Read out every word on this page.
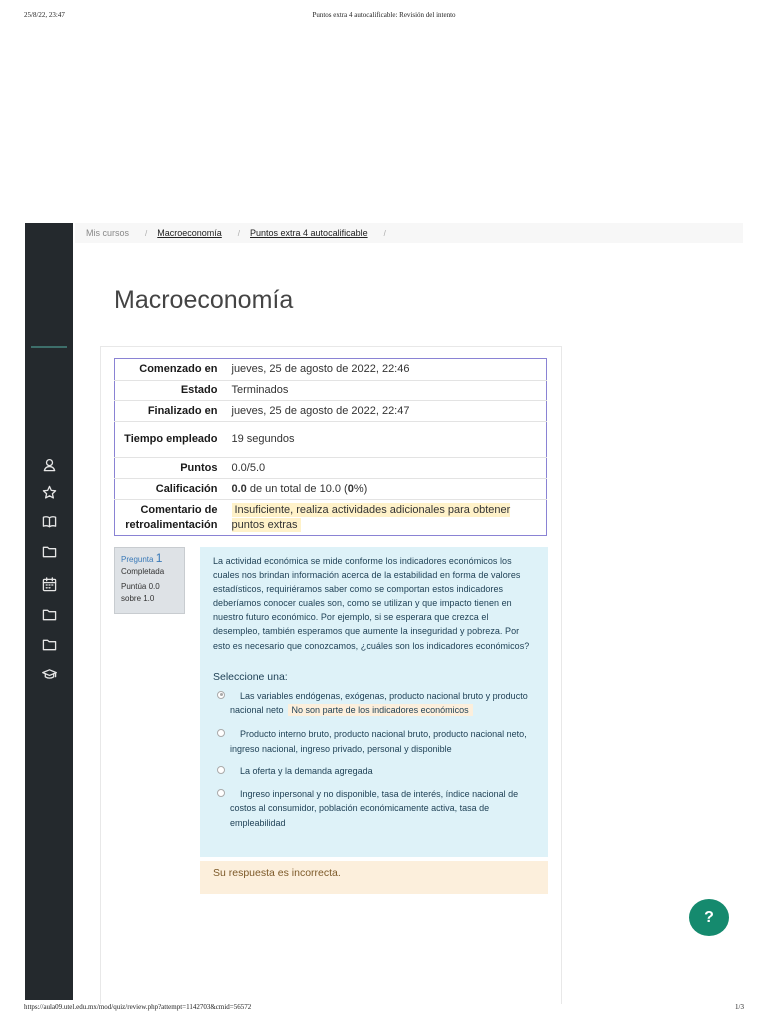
25/8/22, 23:47	Puntos extra 4 autocalificable: Revisión del intento
Mis cursos / Macroeconomía / Puntos extra 4 autocalificable /
Macroeconomía
Comenzado en	jueves, 25 de agosto de 2022, 22:46
Estado	Terminados
Finalizado en	jueves, 25 de agosto de 2022, 22:47
Tiempo empleado	19 segundos
Puntos	0.0/5.0
Calificación	0.0 de un total de 10.0 (0%)
Comentario de retroalimentación	Insuficiente, realiza actividades adicionales para obtener puntos extras
Pregunta 1
Completada
Puntúa 0.0 sobre 1.0
La actividad económica se mide conforme los indicadores económicos los cuales nos brindan información acerca de la estabilidad en forma de valores estadísticos, requiriéramos saber como se comportan estos indicadores deberíamos conocer cuales son, como se utilizan y que impacto tienen en nuestro futuro económico. Por ejemplo, si se esperara que crezca el desempleo, también esperamos que aumente la inseguridad y pobreza. Por esto es necesario que conozcamos, ¿cuáles son los indicadores económicos?
Seleccione una:
Las variables endógenas, exógenas, producto nacional bruto y producto nacional neto No son parte de los indicadores económicos
Producto interno bruto, producto nacional bruto, producto nacional neto, ingreso nacional, ingreso privado, personal y disponible
La oferta y la demanda agregada
Ingreso inpersonal y no disponible, tasa de interés, índice nacional de costos al consumidor, población económicamente activa, tasa de empleabilidad
Su respuesta es incorrecta.
?
https://aula09.utel.edu.mx/mod/quiz/review.php?attempt=1142703&cmid=56572	1/3
